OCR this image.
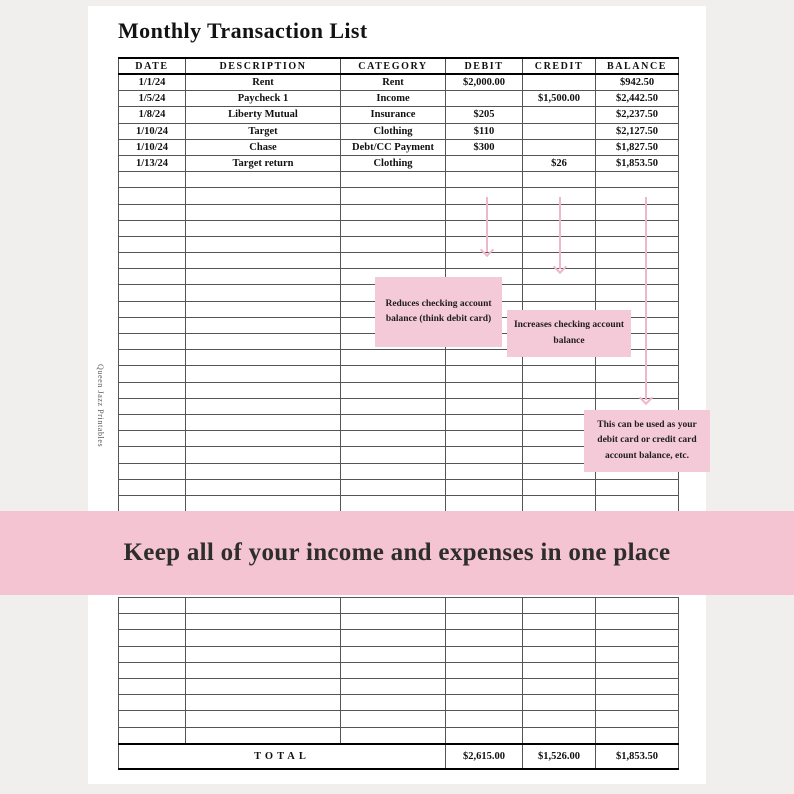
Monthly Transaction List
Queen Jazz Printables
DATE	DESCRIPTION	CATEGORY	DEBIT	CREDIT	BALANCE
1/1/24	Rent	Rent	$2,000.00		$942.50
1/5/24	Paycheck 1	Income		$1,500.00	$2,442.50
1/8/24	Liberty Mutual	Insurance	$205		$2,237.50
1/10/24	Target	Clothing	$110		$2,127.50
1/10/24	Chase	Debt/CC Payment	$300		$1,827.50
1/13/24	Target return	Clothing		$26	$1,853.50

Reduces checking account balance (think debit card)
Increases checking account balance
This can be used as your debit card or credit card account balance, etc.

TOTAL			$2,615.00	$1,526.00	$1,853.50
Keep all of your income and expenses in one place
